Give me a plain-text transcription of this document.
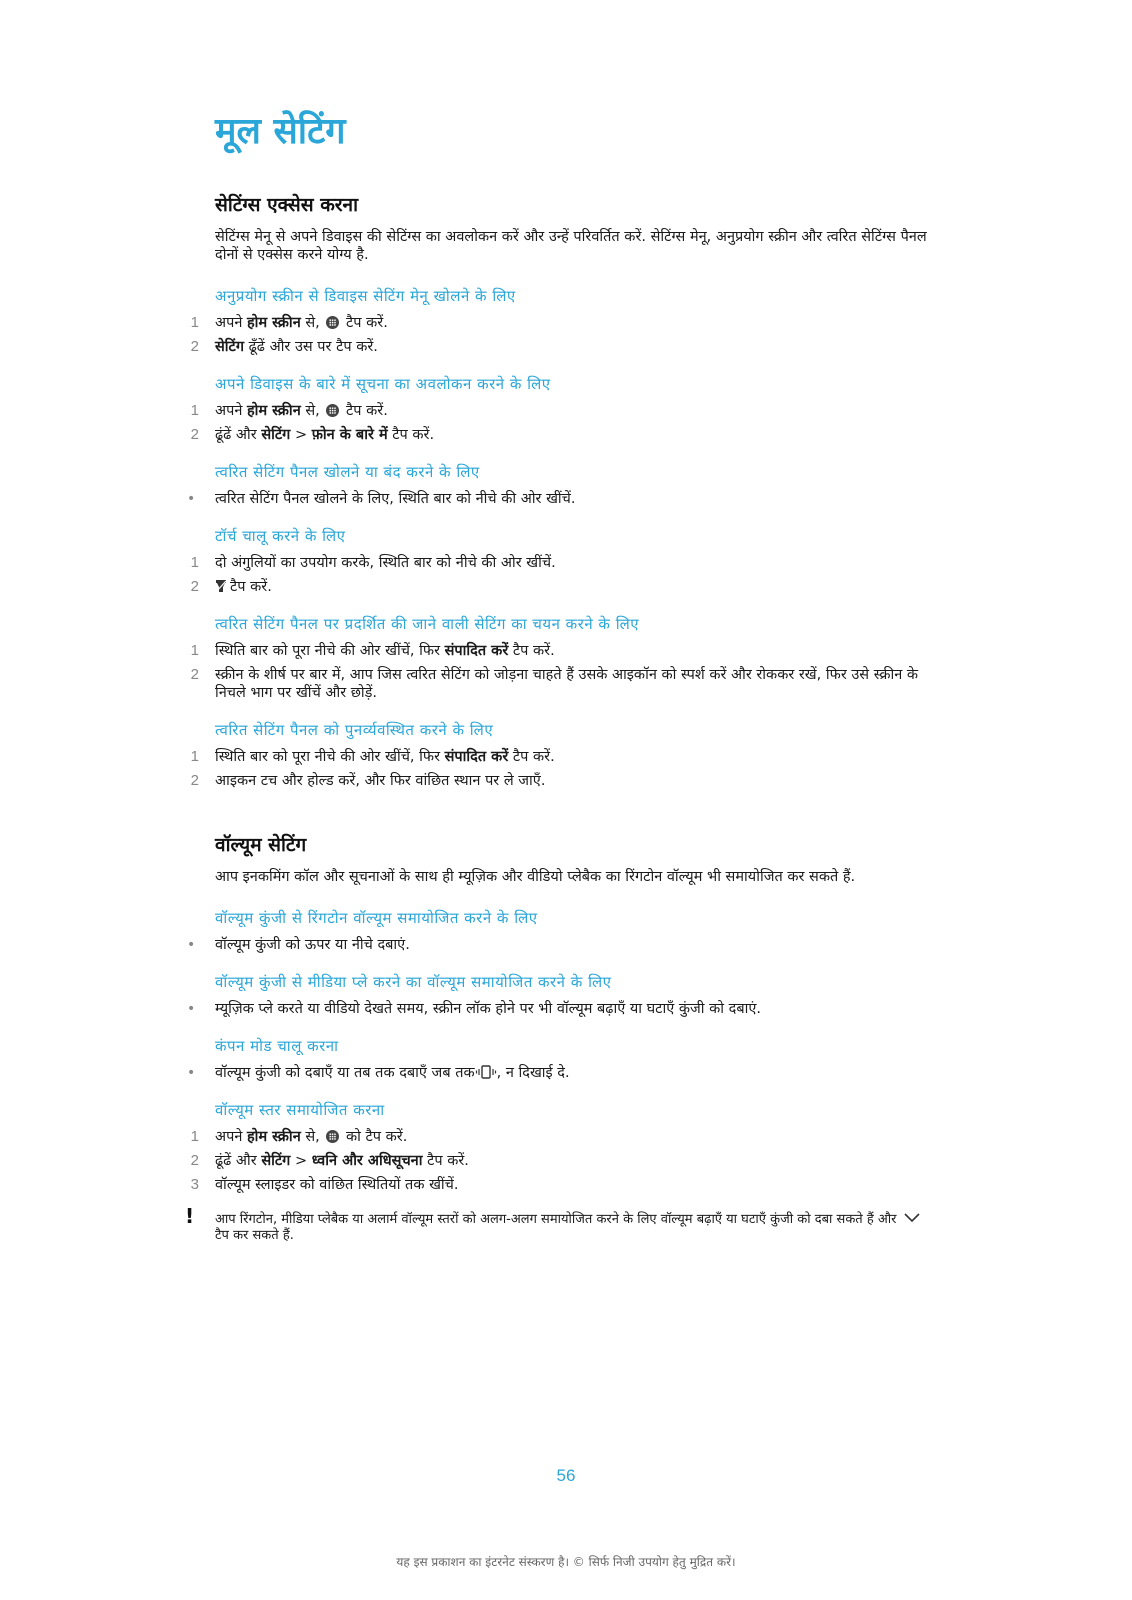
मूल सेटिंग
सेटिंग्स एक्सेस करना

सेटिंग्स मेनू से अपने डिवाइस की सेटिंग्स का अवलोकन करें और उन्हें परिवर्तित करें. सेटिंग्स मेनू, अनुप्रयोग स्क्रीन और त्वरित सेटिंग्स पैनल दोनों से एक्सेस करने योग्य है.

अनुप्रयोग स्क्रीन से डिवाइस सेटिंग मेनू खोलने के लिए
1 अपने होम स्क्रीन से,  टैप करें.
2 सेटिंग ढूँढें और उस पर टैप करें.
अपने डिवाइस के बारे में सूचना का अवलोकन करने के लिए
1 अपने होम स्क्रीन से,  टैप करें.
2 ढूंढें और सेटिंग > फ़ोन के बारे में टैप करें.
त्वरित सेटिंग पैनल खोलने या बंद करने के लिए
• त्वरित सेटिंग पैनल खोलने के लिए, स्थिति बार को नीचे की ओर खींचें.
टॉर्च चालू करने के लिए
1 दो अंगुलियों का उपयोग करके, स्थिति बार को नीचे की ओर खींचें.
2 टैप करें.
त्वरित सेटिंग पैनल पर प्रदर्शित की जाने वाली सेटिंग का चयन करने के लिए
1 स्थिति बार को पूरा नीचे की ओर खींचें, फिर संपादित करें टैप करें.
2 स्क्रीन के शीर्ष पर बार में, आप जिस त्वरित सेटिंग को जोड़ना चाहते हैं उसके आइकॉन को स्पर्श करें और रोककर रखें, फिर उसे स्क्रीन के निचले भाग पर खींचें और छोड़ें.
त्वरित सेटिंग पैनल को पुनर्व्यवस्थित करने के लिए
1 स्थिति बार को पूरा नीचे की ओर खींचें, फिर संपादित करें टैप करें.
2 आइकन टच और होल्ड करें, और फिर वांछित स्थान पर ले जाएँ.
वॉल्यूम सेटिंग

आप इनकमिंग कॉल और सूचनाओं के साथ ही म्यूज़िक और वीडियो प्लेबैक का रिंगटोन वॉल्यूम भी समायोजित कर सकते हैं.

वॉल्यूम कुंजी से रिंगटोन वॉल्यूम समायोजित करने के लिए
• वॉल्यूम कुंजी को ऊपर या नीचे दबाएं.
वॉल्यूम कुंजी से मीडिया प्ले करने का वॉल्यूम समायोजित करने के लिए
• म्यूज़िक प्ले करते या वीडियो देखते समय, स्क्रीन लॉक होने पर भी वॉल्यूम बढ़ाएँ या घटाएँ कुंजी को दबाएं.
कंपन मोड चालू करना
• वॉल्यूम कुंजी को दबाएँ या तब तक दबाएँ जब तक , न दिखाई दे.
वॉल्यूम स्तर समायोजित करना
1 अपने होम स्क्रीन से,  को टैप करें.
2 ढूंढें और सेटिंग > ध्वनि और अधिसूचना टैप करें.
3 वॉल्यूम स्लाइडर को वांछित स्थितियों तक खींचें.
! आप रिंगटोन, मीडिया प्लेबैक या अलार्म वॉल्यूम स्तरों को अलग-अलग समायोजित करने के लिए वॉल्यूम बढ़ाएँ या घटाएँ कुंजी को दबा सकते हैं और  टैप कर सकते हैं.
56
यह इस प्रकाशन का इंटरनेट संस्करण है। © सिर्फ निजी उपयोग हेतु मुद्रित करें।
